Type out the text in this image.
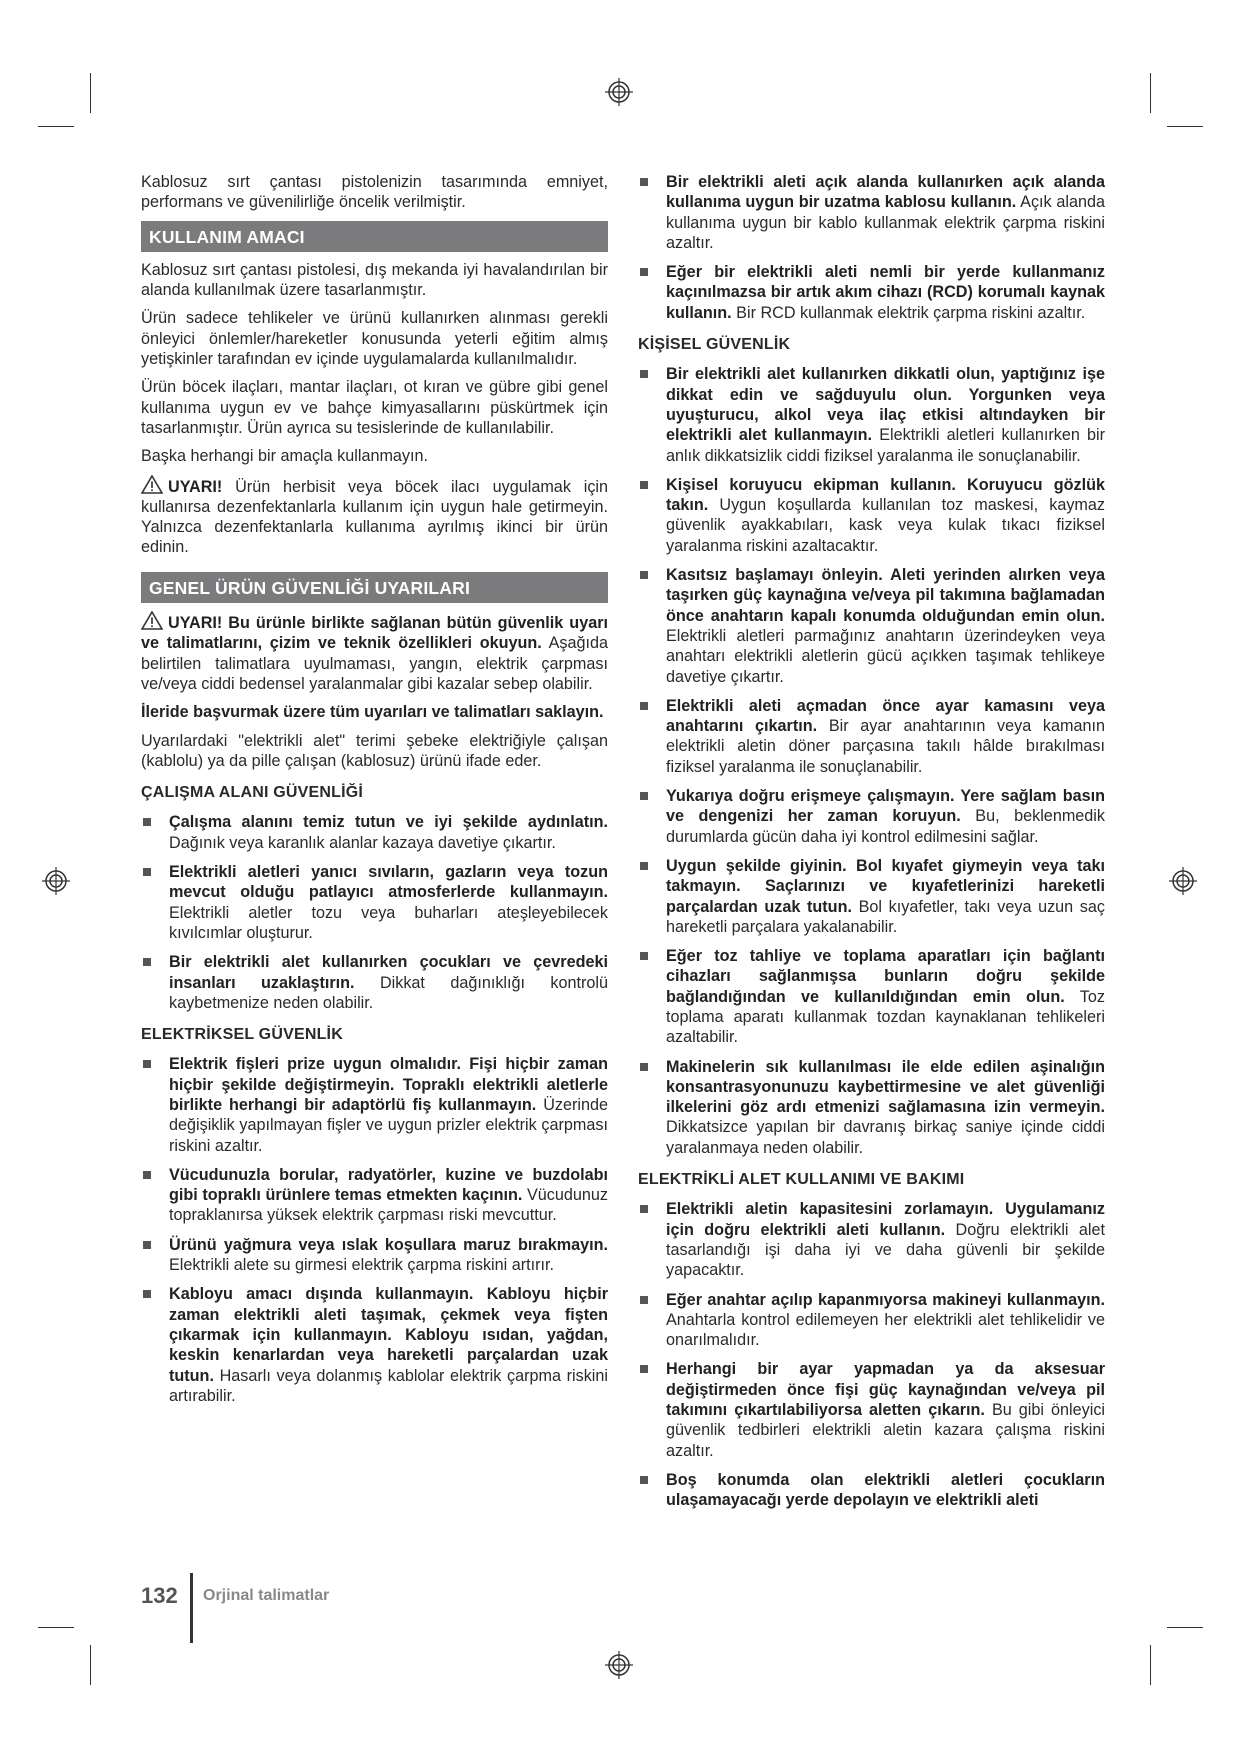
Kablosuz sırt çantası pistolenizin tasarımında emniyet, performans ve güvenilirliğe öncelik verilmiştir.

KULLANIM AMACI

Kablosuz sırt çantası pistolesi, dış mekanda iyi havalandırılan bir alanda kullanılmak üzere tasarlanmıştır.

Ürün sadece tehlikeler ve ürünü kullanırken alınması gerekli önleyici önlemler/hareketler konusunda yeterli eğitim almış yetişkinler tarafından ev içinde uygulamalarda kullanılmalıdır.

Ürün böcek ilaçları, mantar ilaçları, ot kıran ve gübre gibi genel kullanıma uygun ev ve bahçe kimyasallarını püskürtmek için tasarlanmıştır. Ürün ayrıca su tesislerinde de kullanılabilir.

Başka herhangi bir amaçla kullanmayın.

UYARI! Ürün herbisit veya böcek ilacı uygulamak için kullanırsa dezenfektanlarla kullanım için uygun hale getirmeyin. Yalnızca dezenfektanlarla kullanıma ayrılmış ikinci bir ürün edinin.

GENEL ÜRÜN GÜVENLİĞİ UYARILARI

UYARI! Bu ürünle birlikte sağlanan bütün güvenlik uyarı ve talimatlarını, çizim ve teknik özellikleri okuyun. Aşağıda belirtilen talimatlara uyulmaması, yangın, elektrik çarpması ve/veya ciddi bedensel yaralanmalar gibi kazalar sebep olabilir.

İleride başvurmak üzere tüm uyarıları ve talimatları saklayın.

Uyarılardaki "elektrikli alet" terimi şebeke elektriğiyle çalışan (kablolu) ya da pille çalışan (kablosuz) ürünü ifade eder.

ÇALIŞMA ALANI GÜVENLİĞİ
Çalışma alanını temiz tutun ve iyi şekilde aydınlatın. Dağınık veya karanlık alanlar kazaya davetiye çıkartır.
Elektrikli aletleri yanıcı sıvıların, gazların veya tozun mevcut olduğu patlayıcı atmosferlerde kullanmayın. Elektrikli aletler tozu veya buharları ateşleyebilecek kıvılcımlar oluşturur.
Bir elektrikli alet kullanırken çocukları ve çevredeki insanları uzaklaştırın. Dikkat dağınıklığı kontrolü kaybetmenize neden olabilir.
ELEKTRİKSEL GÜVENLİK
Elektrik fişleri prize uygun olmalıdır. Fişi hiçbir zaman hiçbir şekilde değiştirmeyin. Topraklı elektrikli aletlerle birlikte herhangi bir adaptörlü fiş kullanmayın. Üzerinde değişiklik yapılmayan fişler ve uygun prizler elektrik çarpması riskini azaltır.
Vücudunuzla borular, radyatörler, kuzine ve buzdolabı gibi topraklı ürünlere temas etmekten kaçının. Vücudunuz topraklanırsa yüksek elektrik çarpması riski mevcuttur.
Ürünü yağmura veya ıslak koşullara maruz bırakmayın. Elektrikli alete su girmesi elektrik çarpma riskini artırır.
Kabloyu amacı dışında kullanmayın. Kabloyu hiçbir zaman elektrikli aleti taşımak, çekmek veya fişten çıkarmak için kullanmayın. Kabloyu ısıdan, yağdan, keskin kenarlardan veya hareketli parçalardan uzak tutun. Hasarlı veya dolanmış kablolar elektrik çarpma riskini artırabilir.
Bir elektrikli aleti açık alanda kullanırken açık alanda kullanıma uygun bir uzatma kablosu kullanın. Açık alanda kullanıma uygun bir kablo kullanmak elektrik çarpma riskini azaltır.
Eğer bir elektrikli aleti nemli bir yerde kullanmanız kaçınılmazsa bir artık akım cihazı (RCD) korumalı kaynak kullanın. Bir RCD kullanmak elektrik çarpma riskini azaltır.
KİŞİSEL GÜVENLİK
Bir elektrikli alet kullanırken dikkatli olun, yaptığınız işe dikkat edin ve sağduyulu olun. Yorgunken veya uyuşturucu, alkol veya ilaç etkisi altındayken bir elektrikli alet kullanmayın. Elektrikli aletleri kullanırken bir anlık dikkatsizlik ciddi fiziksel yaralanma ile sonuçlanabilir.
Kişisel koruyucu ekipman kullanın. Koruyucu gözlük takın. Uygun koşullarda kullanılan toz maskesi, kaymaz güvenlik ayakkabıları, kask veya kulak tıkacı fiziksel yaralanma riskini azaltacaktır.
Kasıtsız başlamayı önleyin. Aleti yerinden alırken veya taşırken güç kaynağına ve/veya pil takımına bağlamadan önce anahtarın kapalı konumda olduğundan emin olun. Elektrikli aletleri parmağınız anahtarın üzerindeyken veya anahtarı elektrikli aletlerin gücü açıkken taşımak tehlikeye davetiye çıkartır.
Elektrikli aleti açmadan önce ayar kamasını veya anahtarını çıkartın. Bir ayar anahtarının veya kamanın elektrikli aletin döner parçasına takılı hâlde bırakılması fiziksel yaralanma ile sonuçlanabilir.
Yukarıya doğru erişmeye çalışmayın. Yere sağlam basın ve dengenizi her zaman koruyun. Bu, beklenmedik durumlarda gücün daha iyi kontrol edilmesini sağlar.
Uygun şekilde giyinin. Bol kıyafet giymeyin veya takı takmayın. Saçlarınızı ve kıyafetlerinizi hareketli parçalardan uzak tutun. Bol kıyafetler, takı veya uzun saç hareketli parçalara yakalanabilir.
Eğer toz tahliye ve toplama aparatları için bağlantı cihazları sağlanmışsa bunların doğru şekilde bağlandığından ve kullanıldığından emin olun. Toz toplama aparatı kullanmak tozdan kaynaklanan tehlikeleri azaltabilir.
Makinelerin sık kullanılması ile elde edilen aşinalığın konsantrasyonunuzu kaybettirmesine ve alet güvenliği ilkelerini göz ardı etmenizi sağlamasına izin vermeyin. Dikkatsizce yapılan bir davranış birkaç saniye içinde ciddi yaralanmaya neden olabilir.
ELEKTRİKLİ ALET KULLANIMI VE BAKIMI
Elektrikli aletin kapasitesini zorlamayın. Uygulamanız için doğru elektrikli aleti kullanın. Doğru elektrikli alet tasarlandığı işi daha iyi ve daha güvenli bir şekilde yapacaktır.
Eğer anahtar açılıp kapanmıyorsa makineyi kullanmayın. Anahtarla kontrol edilemeyen her elektrikli alet tehlikelidir ve onarılmalıdır.
Herhangi bir ayar yapmadan ya da aksesuar değiştirmeden önce fişi güç kaynağından ve/veya pil takımını çıkartılabiliyorsa aletten çıkarın. Bu gibi önleyici güvenlik tedbirleri elektrikli aletin kazara çalışma riskini azaltır.
Boş konumda olan elektrikli aletleri çocukların ulaşamayacağı yerde depolayın ve elektrikli aleti
132 Orjinal talimatlar
